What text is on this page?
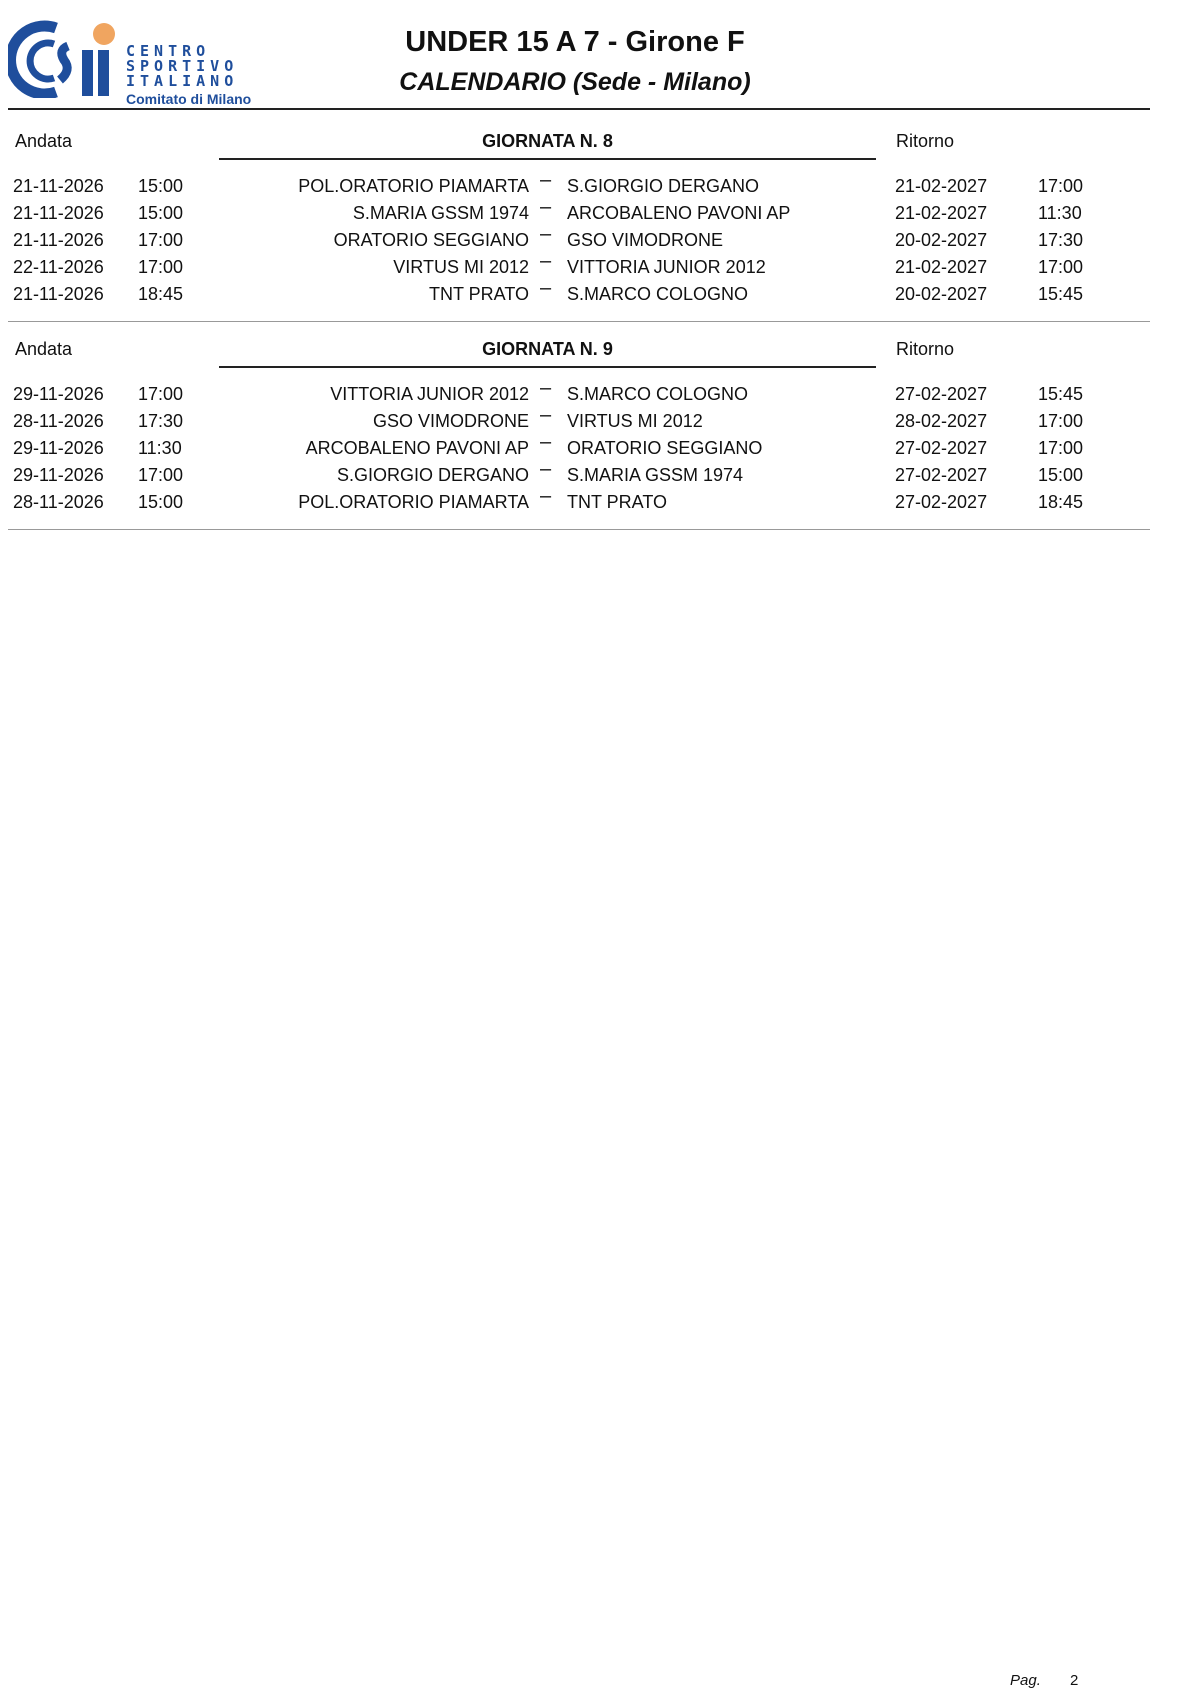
CENTRO
SPORTIVO
ITALIANO
Comitato di Milano
UNDER 15 A 7 - Girone F
CALENDARIO (Sede - Milano)
Andata	GIORNATA N. 8	Ritorno
21-11-2026 15:00	POL.ORATORIO PIAMARTA – S.GIORGIO DERGANO	21-02-2027	17:00
21-11-2026 15:00	S.MARIA GSSM 1974 – ARCOBALENO PAVONI AP	21-02-2027	11:30
21-11-2026 17:00	ORATORIO SEGGIANO – GSO VIMODRONE	20-02-2027	17:30
22-11-2026 17:00	VIRTUS MI 2012 – VITTORIA JUNIOR 2012	21-02-2027	17:00
21-11-2026 18:45	TNT PRATO – S.MARCO COLOGNO	20-02-2027	15:45
Andata	GIORNATA N. 9	Ritorno
29-11-2026 17:00	VITTORIA JUNIOR 2012 – S.MARCO COLOGNO	27-02-2027	15:45
28-11-2026 17:30	GSO VIMODRONE – VIRTUS MI 2012	28-02-2027	17:00
29-11-2026 11:30	ARCOBALENO PAVONI AP – ORATORIO SEGGIANO	27-02-2027	17:00
29-11-2026 17:00	S.GIORGIO DERGANO – S.MARIA GSSM 1974	27-02-2027	15:00
28-11-2026 15:00	POL.ORATORIO PIAMARTA – TNT PRATO	27-02-2027	18:45
Pag. 2
